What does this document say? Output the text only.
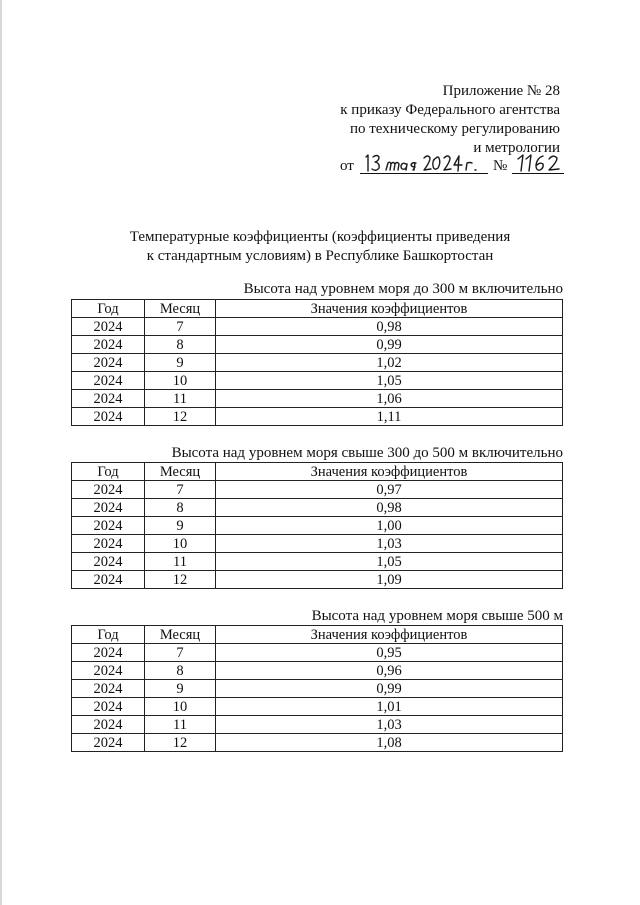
Приложение № 28
к приказу Федерального агентства
по техническому регулированию
и метрологии
от	№
Температурные коэффициенты (коэффициенты приведения
к стандартным условиям) в Республике Башкортостан
Высота над уровнем моря до 300 м включительно
Год	Месяц	Значения коэффициентов
2024	7	0,98
2024	8	0,99
2024	9	1,02
2024	10	1,05
2024	11	1,06
2024	12	1,11
Высота над уровнем моря свыше 300 до 500 м включительно
Год	Месяц	Значения коэффициентов
2024	7	0,97
2024	8	0,98
2024	9	1,00
2024	10	1,03
2024	11	1,05
2024	12	1,09
Высота над уровнем моря свыше 500 м
Год	Месяц	Значения коэффициентов
2024	7	0,95
2024	8	0,96
2024	9	0,99
2024	10	1,01
2024	11	1,03
2024	12	1,08
